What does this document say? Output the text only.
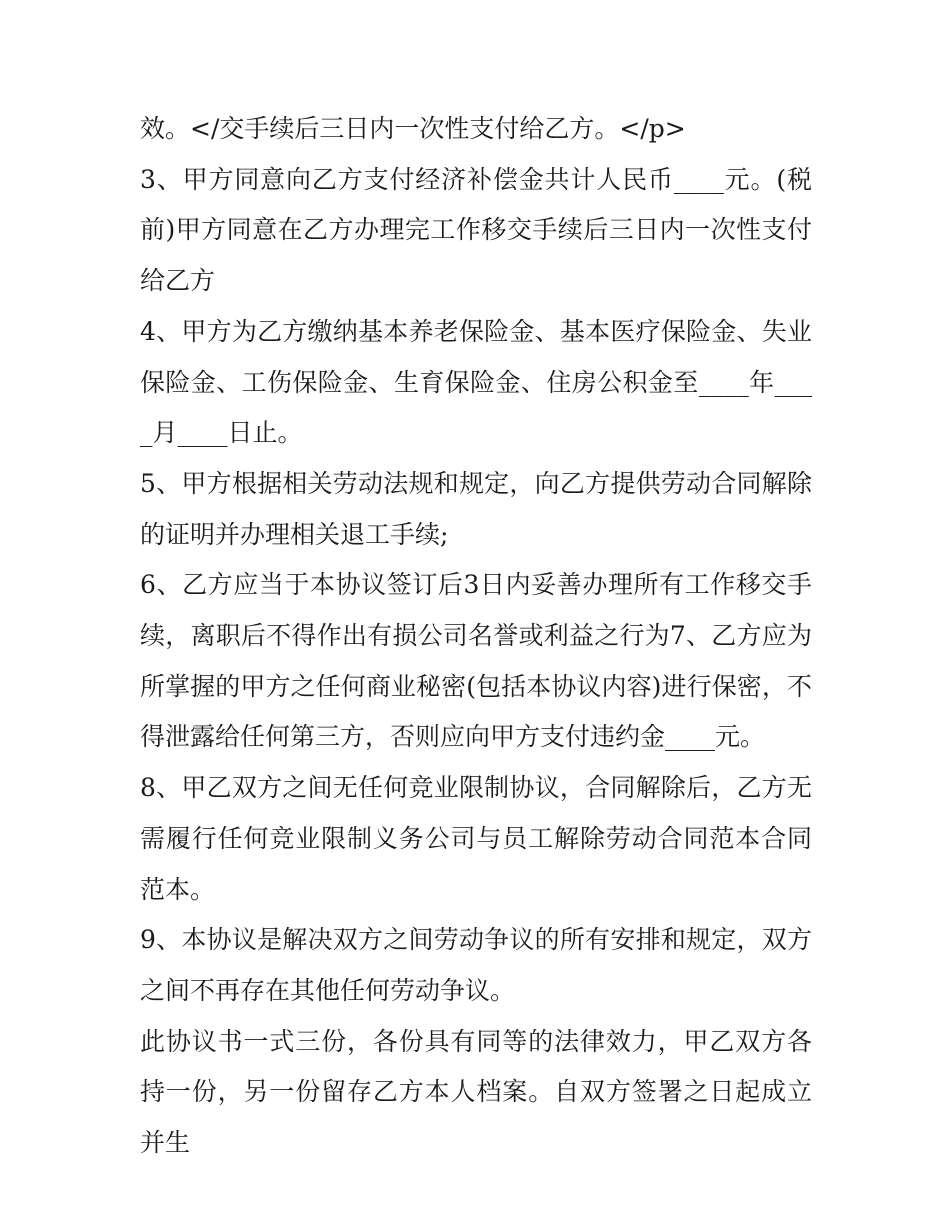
效。</交手续后三日内一次性支付给乙方。</p>

3、甲方同意向乙方支付经济补偿金共计人民币____元。(税前)甲方同意在乙方办理完工作移交手续后三日内一次性支付给乙方

4、甲方为乙方缴纳基本养老保险金、基本医疗保险金、失业保险金、工伤保险金、生育保险金、住房公积金至____年____月____日止。

5、甲方根据相关劳动法规和规定，向乙方提供劳动合同解除的证明并办理相关退工手续;

6、乙方应当于本协议签订后3日内妥善办理所有工作移交手续，离职后不得作出有损公司名誉或利益之行为7、乙方应为所掌握的甲方之任何商业秘密(包括本协议内容)进行保密，不得泄露给任何第三方，否则应向甲方支付违约金____元。

8、甲乙双方之间无任何竞业限制协议，合同解除后，乙方无需履行任何竞业限制义务公司与员工解除劳动合同范本合同范本。

9、本协议是解决双方之间劳动争议的所有安排和规定，双方之间不再存在其他任何劳动争议。

此协议书一式三份，各份具有同等的法律效力，甲乙双方各持一份，另一份留存乙方本人档案。自双方签署之日起成立并生
